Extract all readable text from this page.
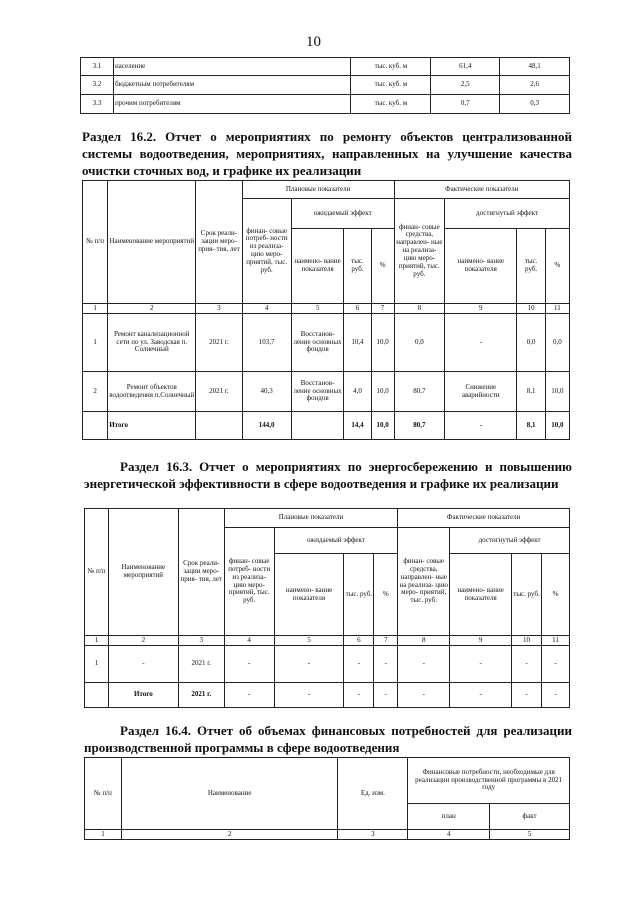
10
3.1	население	тыс. куб. м	61,4	48,1
3.2	бюджетным потребителям	тыс. куб. м	2,5	2,6
3.3	прочим потребителям	тыс. куб. м	0,7	0,3
Раздел 16.2. Отчет о мероприятиях по ремонту объектов централизованной системы водоотведения, мероприятиях, направленных на улучшение качества очистки сточных вод, и графике их реализации
№ п/п	Наименование мероприятий	Срок реали- зации меро- прия- тия, лет	Плановые показатели				Фактические показатели			
			финан- совые потреб- ности из реализа- цию меро- приятий, тыс. руб.	ожидаемый эффект			финан- совые средства, направлен- ные на реализа- цию меро- приятий, тыс. руб.	достигнутый эффект		
				наимено- вание показателя	тыс. руб.	%		наимено- вание показателя	тыс. руб.	%
1	2	3	4	5	6	7	8	9	10	11
1	Ремонт канализационной сети по ул. Заводская п. Солнечный	2021 г.	103,7	Восстанов- ление основных фондов	10,4	10,0	0,0	-	0,0	0,0
2	Ремонт объектов водоотведения п.Солнечный	2021 г.	40,3	Восстанов- ление основных фондов	4,0	10,0	80,7	Снижение аварийности	8,1	10,0
	Итого		144,0		14,4	10,0	80,7	-	8,1	10,0
Раздел 16.3. Отчет о мероприятиях по энергосбережению и повышению энергетической эффективности в сфере водоотведения и графике их реализации
№ п/п	Наименование мероприятий	Срок реали- зации меро- прия- тия, лет	Плановые показатели				Фактические показатели			
			финан- совые потреб- ности из реализа- цию меро- приятий, тыс. руб.	ожидаемый эффект			финан- совые средства, направлен- ные на реализа- цию меро- приятий, тыс. руб.	достигнутый эффект		
				наимено- вание показателя	тыс. руб.	%		наимено- вание показателя	тыс. руб.	%
1	2	3	4	5	6	7	8	9	10	11
1	-	2021 г.	-	-	-	-	-	-	-	-
	Итого	2021 г.	-	-	-	-	-	-	-	-
Раздел 16.4. Отчет об объемах финансовых потребностей для реализации производственной программы в сфере водоотведения
№ п/п	Наименование	Ед. изм.	Финансовые потребности, необходимые для реализации производственной программы в 2021 году	
			план	факт
1	2	3	4	5
